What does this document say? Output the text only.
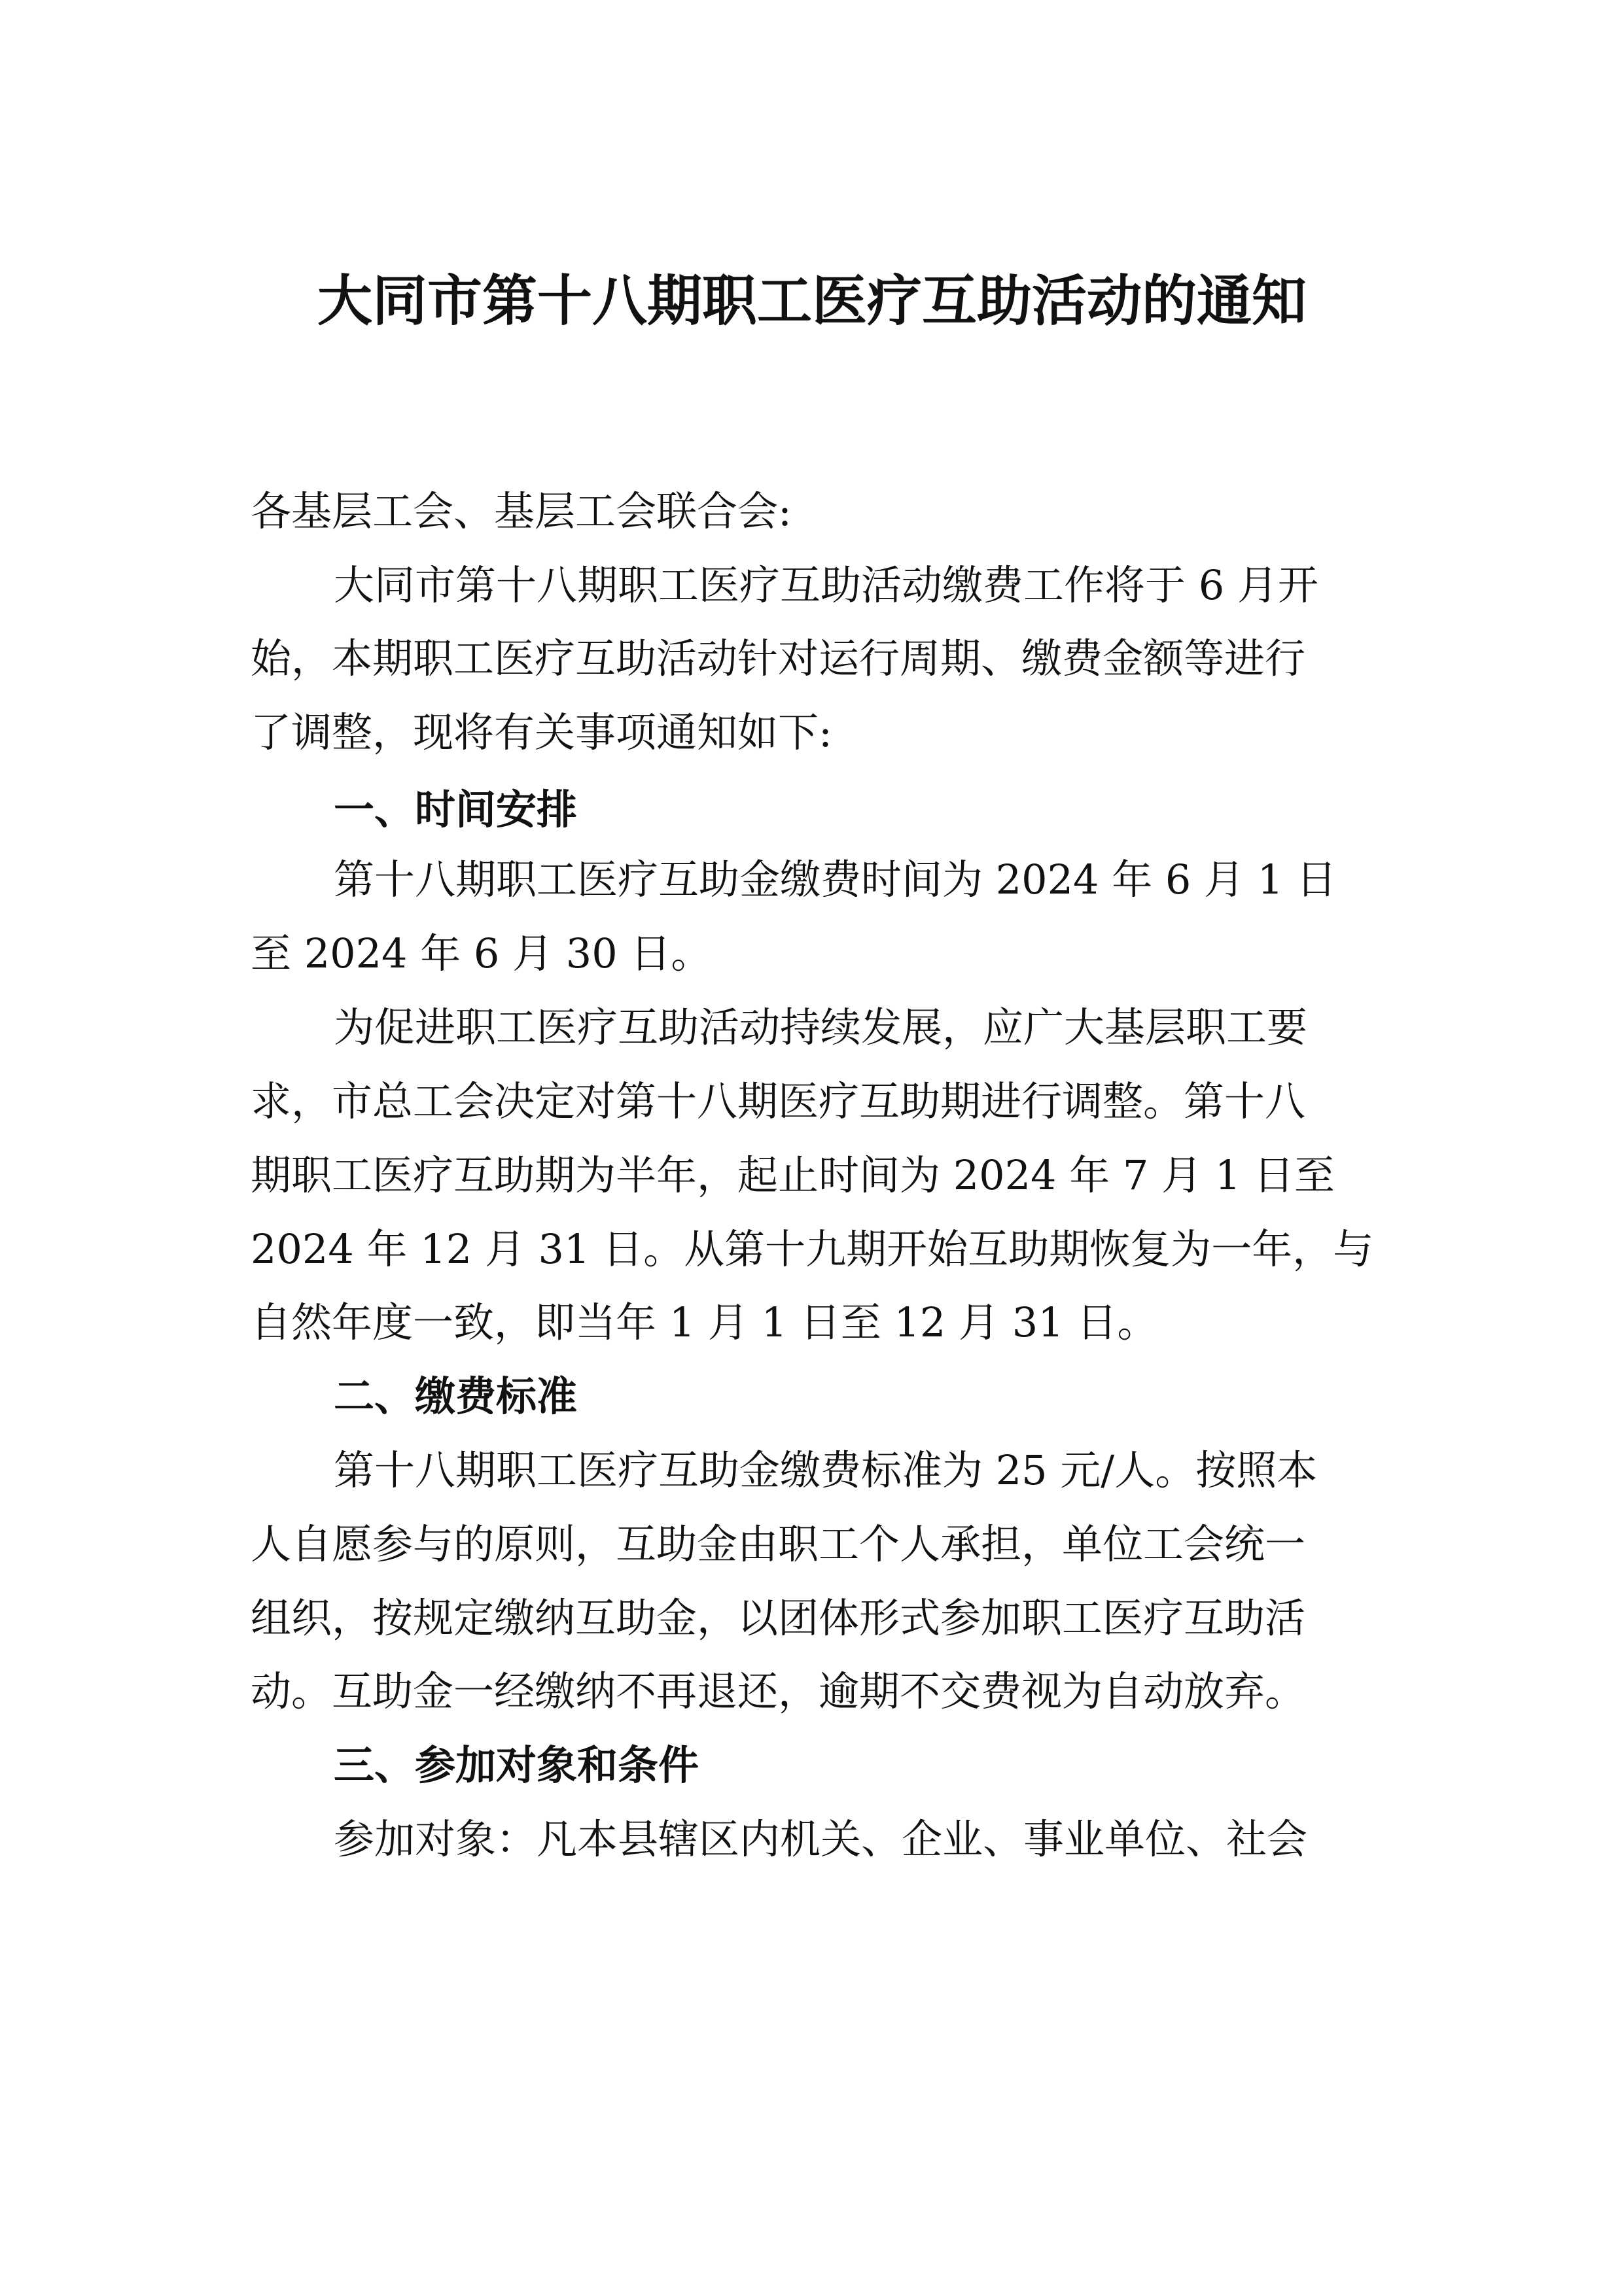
大同市第十八期职工医疗互助活动的通知
各基层工会、基层工会联合会:
大同市第十八期职工医疗互助活动缴费工作将于 6 月开
始，本期职工医疗互助活动针对运行周期、缴费金额等进行
了调整，现将有关事项通知如下:
一、时间安排
第十八期职工医疗互助金缴费时间为 2024 年 6 月 1 日
至 2024 年 6 月 30 日。
为促进职工医疗互助活动持续发展，应广大基层职工要
求，市总工会决定对第十八期医疗互助期进行调整。第十八
期职工医疗互助期为半年，起止时间为 2024 年 7 月 1 日至
2024 年 12 月 31 日。从第十九期开始互助期恢复为一年，与
自然年度一致，即当年 1 月 1 日至 12 月 31 日。
二、缴费标准
第十八期职工医疗互助金缴费标准为 25 元/人。按照本
人自愿参与的原则，互助金由职工个人承担，单位工会统一
组织，按规定缴纳互助金，以团体形式参加职工医疗互助活
动。互助金一经缴纳不再退还，逾期不交费视为自动放弃。
三、参加对象和条件
参加对象：凡本县辖区内机关、企业、事业单位、社会
